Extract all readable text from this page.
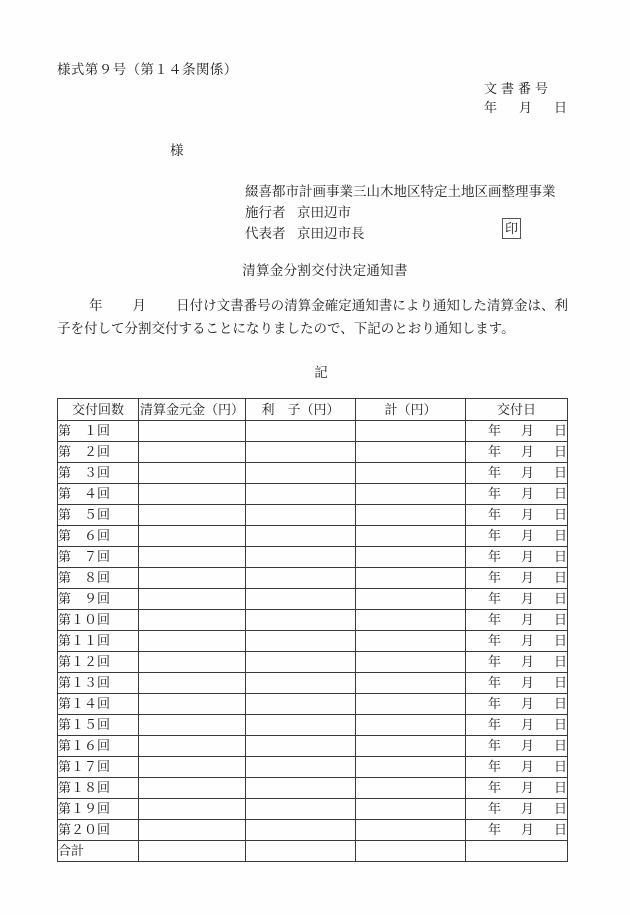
様式第９号（第１４条関係）
文書番号
年 月 日
様
綴喜都市計画事業三山木地区特定土地区画整理事業
施行者 京田辺市
代表者 京田辺市長	印
清算金分割交付決定通知書
年 月 日付け文書番号の清算金確定通知書により通知した清算金は、利子を付して分割交付することになりましたので、下記のとおり通知します。
記
交付回数	清算金元金（円）	利　子（円）	計（円）	交付日
第　１回				年 月 日
第　２回				年 月 日
第　３回				年 月 日
第　４回				年 月 日
第　５回				年 月 日
第　６回				年 月 日
第　７回				年 月 日
第　８回				年 月 日
第　９回				年 月 日
第１０回				年 月 日
第１１回				年 月 日
第１２回				年 月 日
第１３回				年 月 日
第１４回				年 月 日
第１５回				年 月 日
第１６回				年 月 日
第１７回				年 月 日
第１８回				年 月 日
第１９回				年 月 日
第２０回				年 月 日
合計				
